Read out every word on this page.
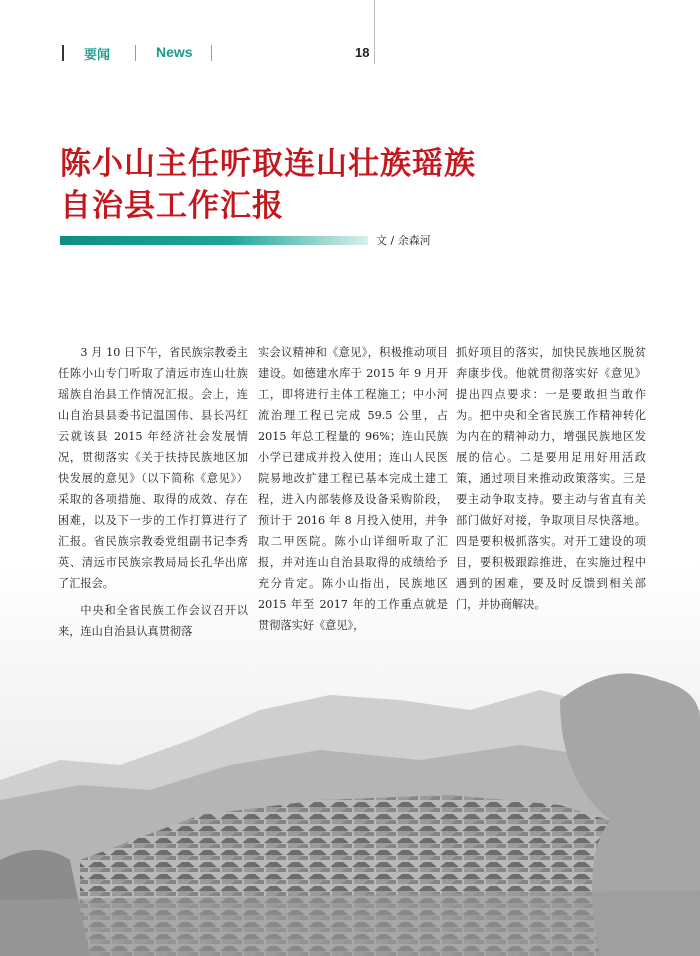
要闻	News	18
陈小山主任听取连山壮族瑶族
自治县工作汇报
文 / 余森河

3 月 10 日下午，省民族宗教委主任陈小山专门听取了清远市连山壮族瑶族自治县工作情况汇报。会上，连山自治县县委书记温国伟、县长冯红云就该县 2015 年经济社会发展情况，贯彻落实《关于扶持民族地区加快发展的意见》（以下简称《意见》）采取的各项措施、取得的成效、存在困难，以及下一步的工作打算进行了汇报。省民族宗教委党组副书记李秀英、清远市民族宗教局局长孔华出席了汇报会。

中央和全省民族工作会议召开以来，连山自治县认真贯彻落

实会议精神和《意见》，积极推动项目建设。如德建水库于 2015 年 9 月开工，即将进行主体工程施工；中小河流治理工程已完成 59.5 公里，占 2015 年总工程量的 96%；连山民族小学已建成并投入使用；连山人民医院易地改扩建工程已基本完成土建工程，进入内部装修及设备采购阶段，预计于 2016 年 8 月投入使用，并争取二甲医院。陈小山详细听取了汇报，并对连山自治县取得的成绩给予充分肯定。陈小山指出，民族地区 2015 年至 2017 年的工作重点就是贯彻落实好《意见》，

抓好项目的落实，加快民族地区脱贫奔康步伐。他就贯彻落实好《意见》提出四点要求：一是要敢担当敢作为。把中央和全省民族工作精神转化为内在的精神动力，增强民族地区发展的信心。二是要用足用好用活政策，通过项目来推动政策落实。三是要主动争取支持。要主动与省直有关部门做好对接，争取项目尽快落地。四是要积极抓落实。对开工建设的项目，要积极跟踪推进，在实施过程中遇到的困难，要及时反馈到相关部门，并协商解决。
